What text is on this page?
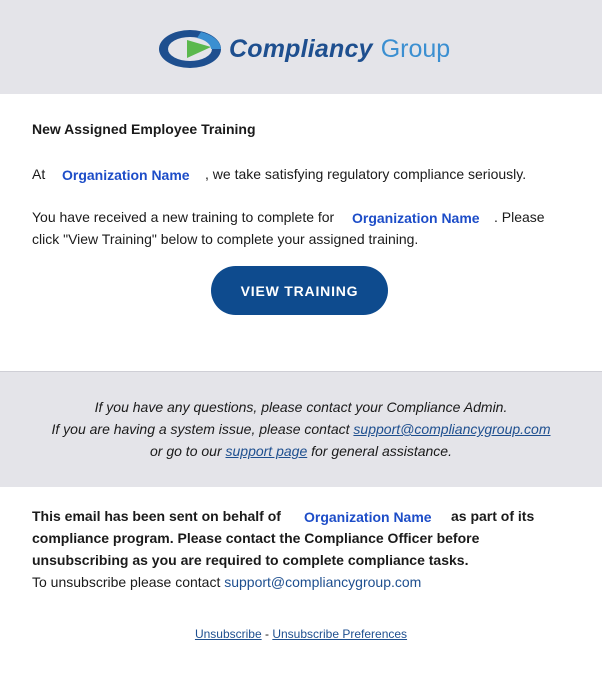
Compliancy Group
New Assigned Employee Training
At Organization Name , we take satisfying regulatory compliance seriously.
You have received a new training to complete for Organization Name . Please
click "View Training" below to complete your assigned training.
VIEW TRAINING
If you have any questions, please contact your Compliance Admin.
If you are having a system issue, please contact support@compliancygroup.com
or go to our support page for general assistance.
This email has been sent on behalf of Organization Name as part of its
compliance program. Please contact the Compliance Officer before
unsubscribing as you are required to complete compliance tasks.
To unsubscribe please contact support@compliancygroup.com
Unsubscribe - Unsubscribe Preferences
